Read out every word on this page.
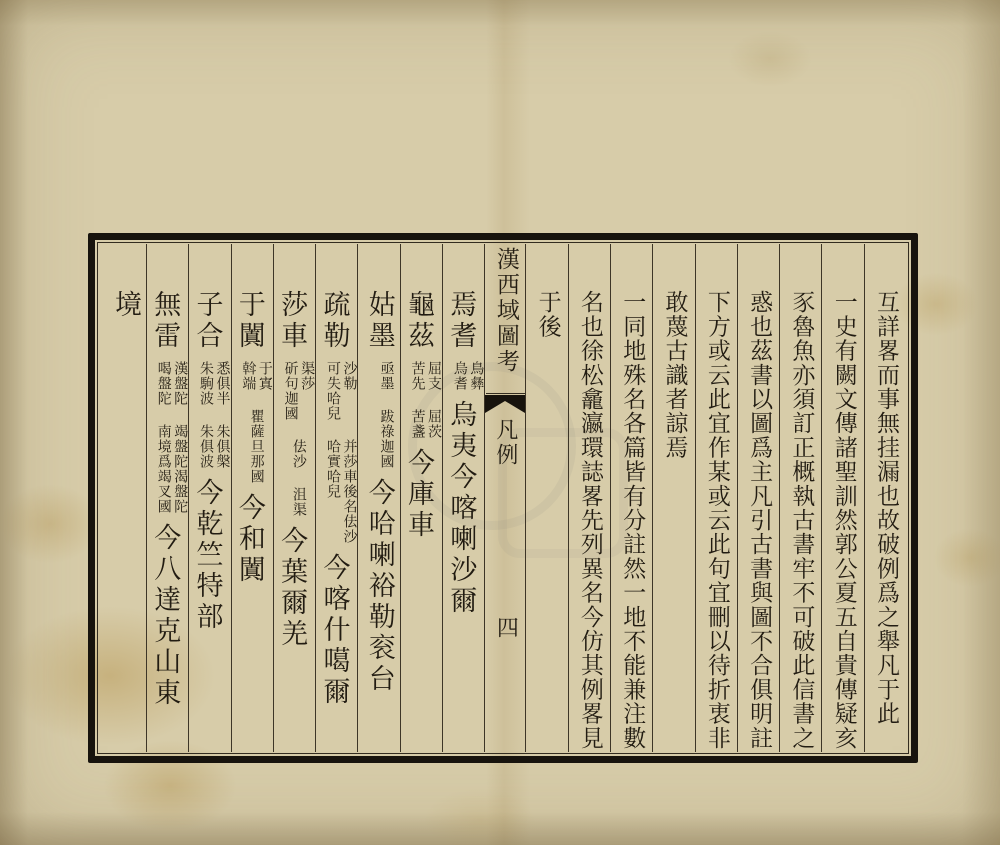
互詳畧而事無挂漏也故破例爲之舉凡于此
一史有闕文傳諸聖訓然郭公夏五自貴傳疑亥
豕魯魚亦須訂正概執古書牢不可破此信書之
惑也茲書以圖爲主凡引古書與圖不合俱明註
下方或云此宜作某或云此句宜刪以待折衷非
敢蔑古識者諒焉
一同地殊名各篇皆有分註然一地不能兼注數
名也徐松龕瀛環誌畧先列異名今仿其例畧見
于後
漢西域圖考
凡例
四
焉耆
鳥彝
烏耆
烏夷今喀喇沙爾
龜茲
屈支
苦先
屈茨
苦盞
今庫車
姑墨
亟墨
跋祿迦國
今哈喇裕勒衮台
疏勒
沙勒
可失哈兒
并莎車後名佉沙
哈實哈兒
今喀什噶爾
莎車
渠莎
斫句迦國
佉沙
沮渠
今葉爾羌
于闐
于寘
斡端
瞿薩旦那國
今和闐
子合
悉俱半
朱駒波
朱俱槃
朱俱波
今乾竺特部
無雷
漢盤陀
喝盤陀
竭盤陀渴盤陀
南境爲竭叉國
今八達克山東
境
